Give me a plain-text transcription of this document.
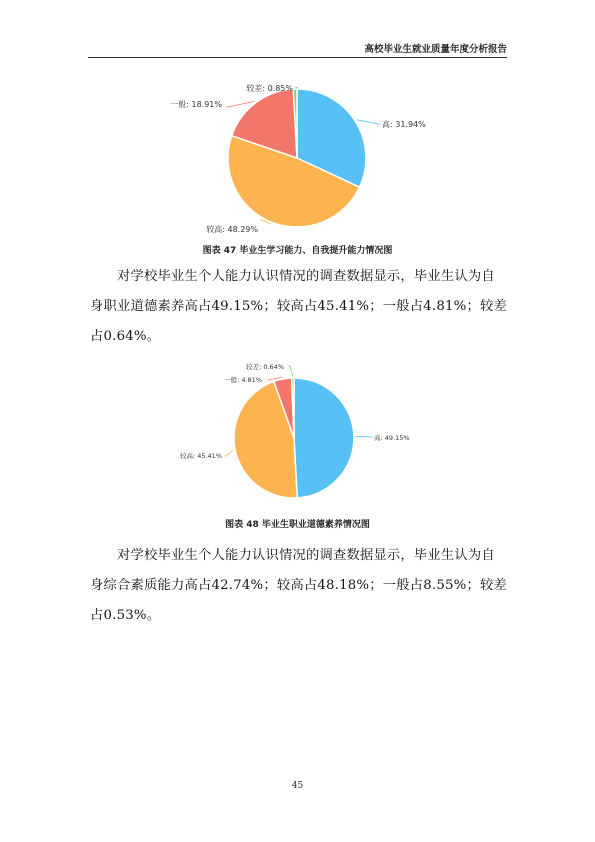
高校毕业生就业质量年度分析报告
高: 31.94%
较高: 48.29%
一般: 18.91%
较差: 0.85%
图表 47 毕业生学习能力、自我提升能力情况图
对学校毕业生个人能力认识情况的调查数据显示，毕业生认为自身职业道德素养高占49.15%；较高占45.41%；一般占4.81%；较差占0.64%。
高: 49.15%
较高: 45.41%
一般: 4.81%
较差: 0.64%
图表 48 毕业生职业道德素养情况图
对学校毕业生个人能力认识情况的调查数据显示，毕业生认为自身综合素质能力高占42.74%；较高占48.18%；一般占8.55%；较差占0.53%。
45
